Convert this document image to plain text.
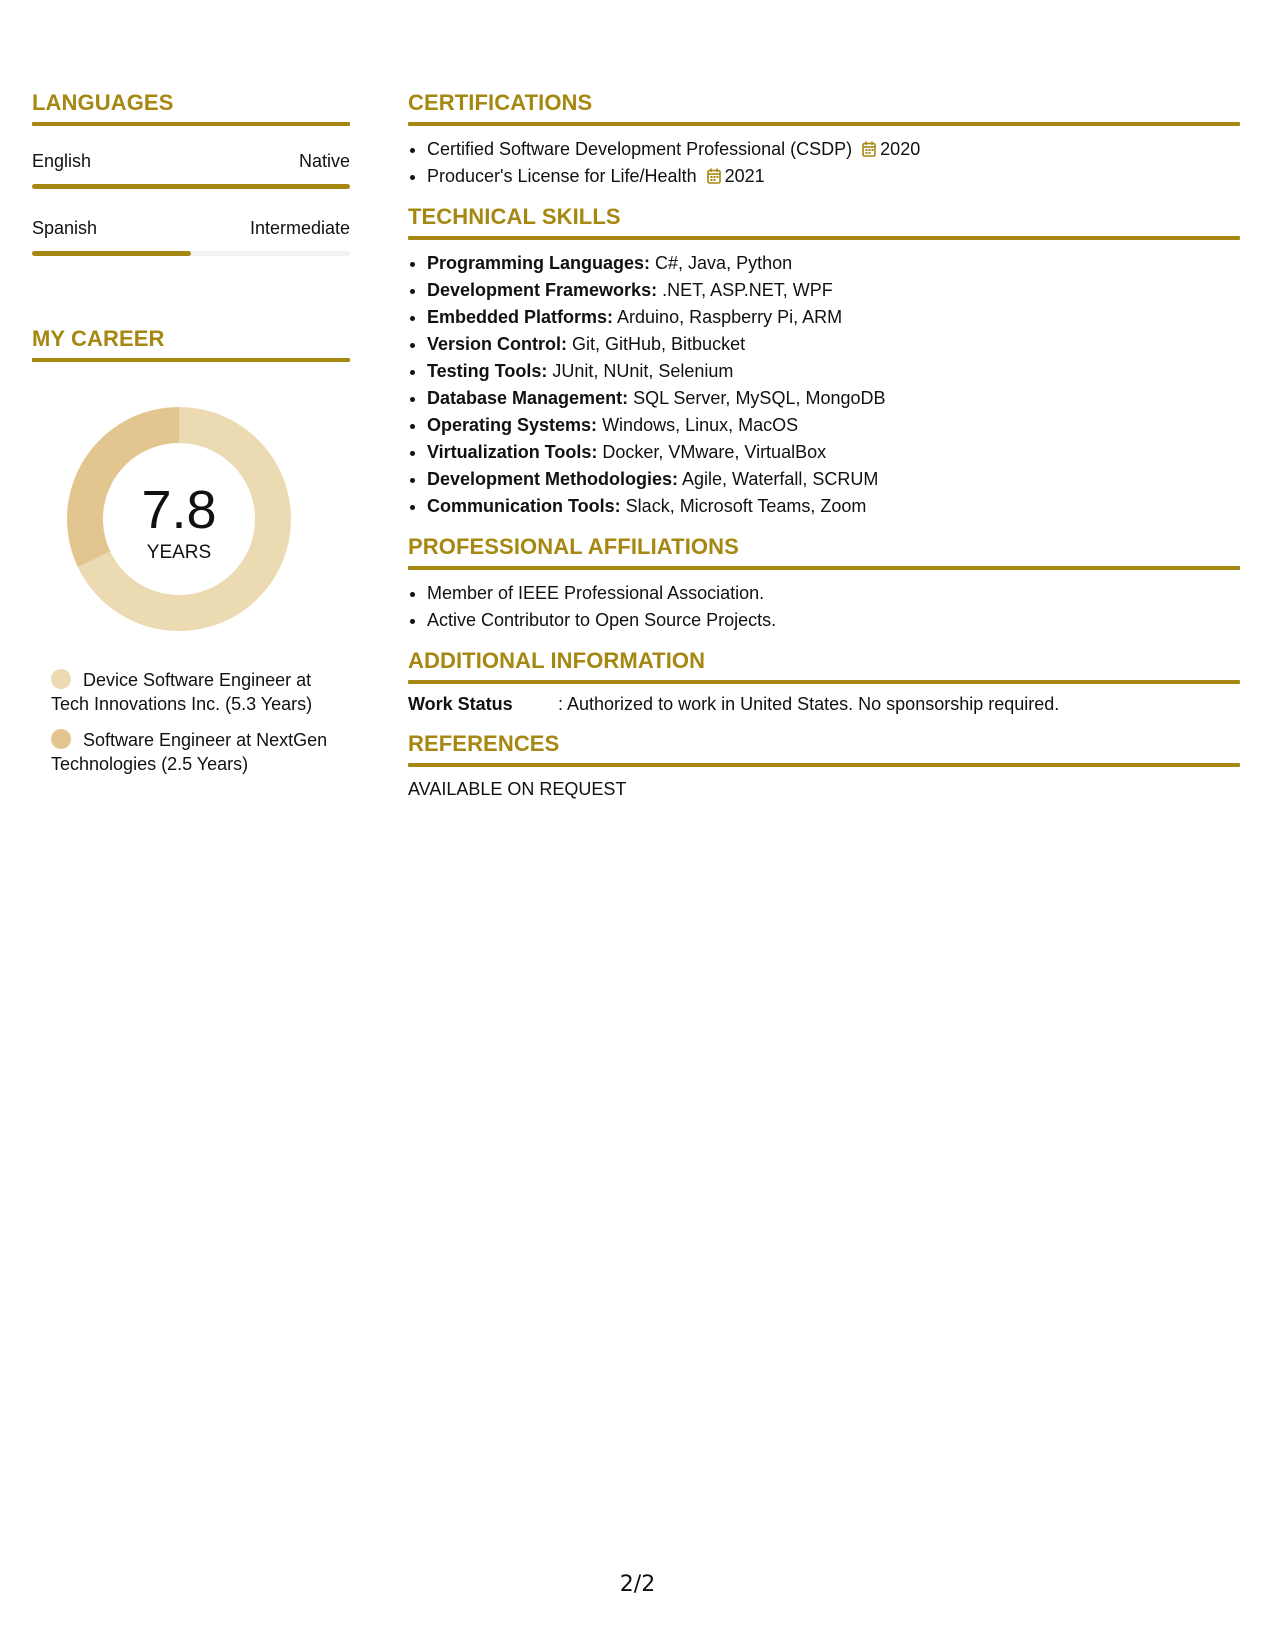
LANGUAGES
English	Native
Spanish	Intermediate
MY CAREER
7.8
YEARS
Device Software Engineer at Tech Innovations Inc. (5.3 Years)
Software Engineer at NextGen Technologies (2.5 Years)
CERTIFICATIONS
• Certified Software Development Professional (CSDP) 2020
• Producer's License for Life/Health 2021
TECHNICAL SKILLS
• Programming Languages: C#, Java, Python
• Development Frameworks: .NET, ASP.NET, WPF
• Embedded Platforms: Arduino, Raspberry Pi, ARM
• Version Control: Git, GitHub, Bitbucket
• Testing Tools: JUnit, NUnit, Selenium
• Database Management: SQL Server, MySQL, MongoDB
• Operating Systems: Windows, Linux, MacOS
• Virtualization Tools: Docker, VMware, VirtualBox
• Development Methodologies: Agile, Waterfall, SCRUM
• Communication Tools: Slack, Microsoft Teams, Zoom
PROFESSIONAL AFFILIATIONS
• Member of IEEE Professional Association.
• Active Contributor to Open Source Projects.
ADDITIONAL INFORMATION
Work Status	: Authorized to work in United States. No sponsorship required.
REFERENCES
AVAILABLE ON REQUEST
2/2
